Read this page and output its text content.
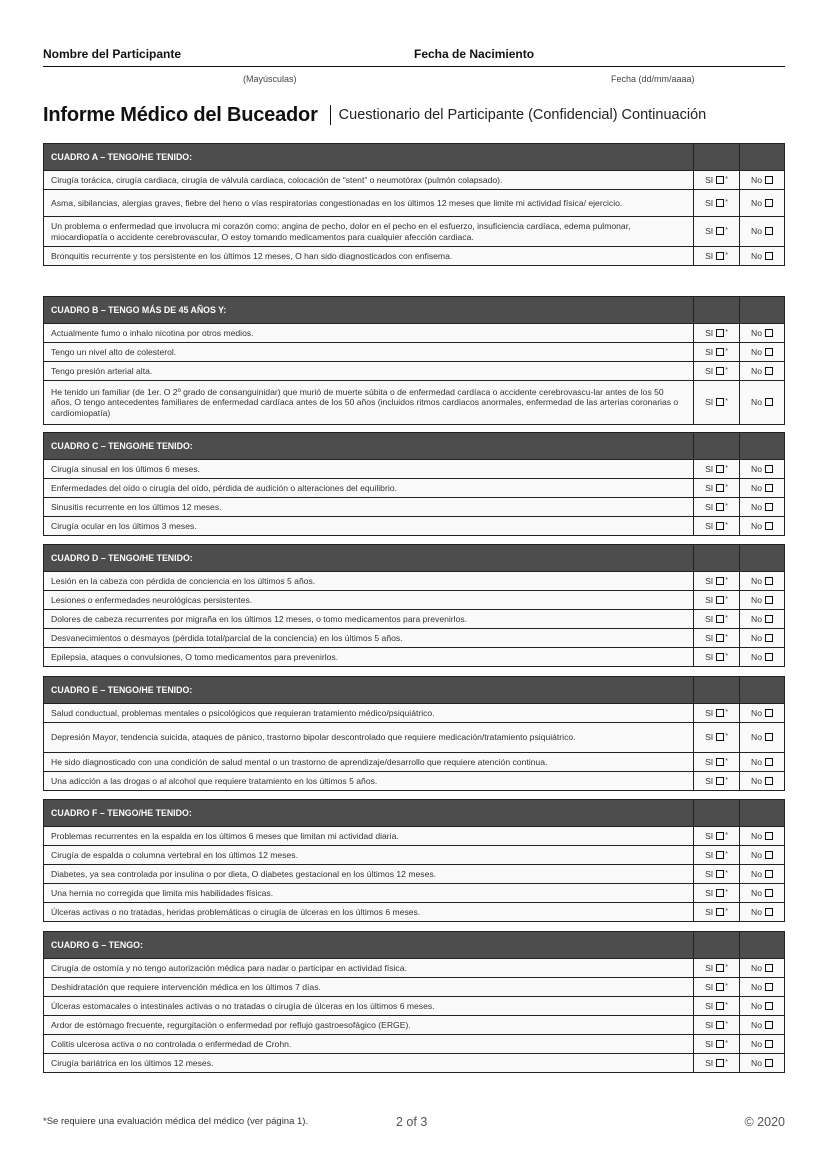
Nombre del Participante	Fecha de Nacimiento
(Mayúsculas)	Fecha (dd/mm/aaaa)
Informe Médico del Buceador Cuestionario del Participante (Confidencial) Continuación
CUADRO A – TENGO/HE TENIDO:		
Cirugía torácica, cirugía cardiaca, cirugía de válvula cardiaca, colocación de “stent” o neumotórax (pulmón colapsado).	SI *	No
Asma, sibilancias, alergias graves, fiebre del heno o vías respiratorias congestionadas en los últimos 12 meses que limite mi actividad física/ ejercicio.	SI *	No
Un problema o enfermedad que involucra mi corazón como: angina de pecho, dolor en el pecho en el esfuerzo, insuficiencia cardíaca, edema pulmonar, miocardiopatía o accidente cerebrovascular, O estoy tomando medicamentos para cualquier afección cardiaca.	SI *	No
Bronquitis recurrente y tos persistente en los últimos 12 meses, O han sido diagnosticados con enfisema.	SI *	No
CUADRO B – TENGO MÁS DE 45 AÑOS Y:		
Actualmente fumo o inhalo nicotina por otros medios.	SI *	No
Tengo un nivel alto de colesterol.	SI *	No
Tengo presión arterial alta.	SI *	No
He tenido un familiar (de 1er. O 2º grado de consanguinidar) que murió de muerte súbita o de enfermedad cardíaca o accidente cerebrovascu-lar antes de los 50 años, O tengo antecedentes familiares de enfermedad cardíaca antes de los 50 años (incluidos ritmos cardiacos anormales, enfermedad de las arterias coronarias o cardiomiopatía)	SI *	No
CUADRO C – TENGO/HE TENIDO:		
Cirugía sinusal en los últimos 6 meses.	SI *	No
Enfermedades del oído o cirugía del oído, pérdida de audición o alteraciones del equilibrio.	SI *	No
Sinusitis recurrente en los últimos 12 meses.	SI *	No
Cirugía ocular en los últimos 3 meses.	SI *	No
CUADRO D – TENGO/HE TENIDO:		
Lesión en la cabeza con pérdida de conciencia en los últimos 5 años.	SI *	No
Lesiones o enfermedades neurológicas persistentes.	SI *	No
Dolores de cabeza recurrentes por migraña en los últimos 12 meses, o tomo medicamentos para prevenirlos.	SI *	No
Desvanecimientos o desmayos (pérdida total/parcial de la conciencia) en los últimos 5 años.	SI *	No
Epilepsia, ataques o convulsiones, O tomo medicamentos para prevenirlos.	SI *	No
CUADRO E – TENGO/HE TENIDO:		
Salud conductual, problemas mentales o psicológicos que requieran tratamiento médico/psiquiátrico.	SI *	No
Depresión Mayor, tendencia suicida, ataques de pánico, trastorno bipolar descontrolado que requiere medicación/tratamiento psiquiátrico.	SI *	No
He sido diagnosticado con una condición de salud mental o un trastorno de aprendizaje/desarrollo que requiere atención continua.	SI *	No
Una adicción a las drogas o al alcohol que requiere tratamiento en los últimos 5 años.	SI *	No
CUADRO F – TENGO/HE TENIDO:		
Problemas recurrentes en la espalda en los últimos 6 meses que limitan mi actividad diaria.	SI *	No
Cirugía de espalda o columna vertebral en los últimos 12 meses.	SI *	No
Diabetes, ya sea controlada por insulina o por dieta, O diabetes gestacional en los últimos 12 meses.	SI *	No
Una hernia no corregida que limita mis habilidades físicas.	SI *	No
Úlceras activas o no tratadas, heridas problemáticas o cirugía de úlceras en los últimos 6 meses.	SI *	No
CUADRO G – TENGO:		
Cirugía de ostomía y no tengo autorización médica para nadar o participar en actividad física.	SI *	No
Deshidratación que requiere intervención médica en los últimos 7 días.	SI *	No
Úlceras estomacales o intestinales activas o no tratadas o cirugía de úlceras en los últimos 6 meses.	SI *	No
Ardor de estómago frecuente, regurgitación o enfermedad por reflujo gastroesofágico (ERGE).	SI *	No
Colitis ulcerosa activa o no controlada o enfermedad de Crohn.	SI *	No
Cirugía bariátrica en los últimos 12 meses.	SI *	No
*Se requiere una evaluación médica del médico (ver página 1).	2 of 3	© 2020
